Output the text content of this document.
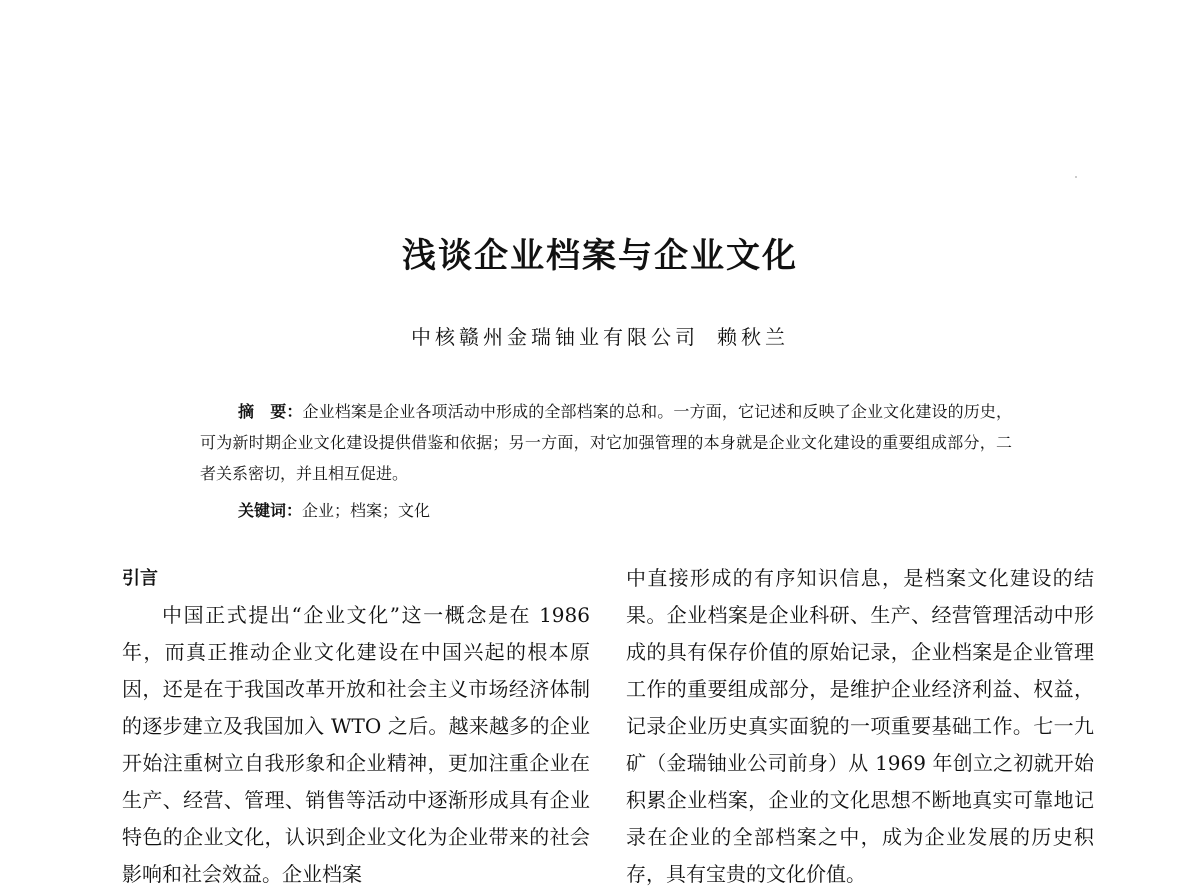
浅谈企业档案与企业文化
中核赣州金瑞铀业有限公司 赖秋兰
摘　要：企业档案是企业各项活动中形成的全部档案的总和。一方面，它记述和反映了企业文化建设的历史，可为新时期企业文化建设提供借鉴和依据；另一方面，对它加强管理的本身就是企业文化建设的重要组成部分，二者关系密切，并且相互促进。
关键词：企业；档案；文化
引言

中国正式提出“企业文化”这一概念是在 1986 年，而真正推动企业文化建设在中国兴起的根本原因，还是在于我国改革开放和社会主义市场经济体制的逐步建立及我国加入 WTO 之后。越来越多的企业开始注重树立自我形象和企业精神，更加注重企业在生产、经营、管理、销售等活动中逐渐形成具有企业特色的企业文化，认识到企业文化为企业带来的社会影响和社会效益。企业档案

中直接形成的有序知识信息，是档案文化建设的结果。企业档案是企业科研、生产、经营管理活动中形成的具有保存价值的原始记录，企业档案是企业管理工作的重要组成部分，是维护企业经济利益、权益，记录企业历史真实面貌的一项重要基础工作。七一九矿（金瑞铀业公司前身）从 1969 年创立之初就开始积累企业档案，企业的文化思想不断地真实可靠地记录在企业的全部档案之中，成为企业发展的历史积存，具有宝贵的文化价值。
